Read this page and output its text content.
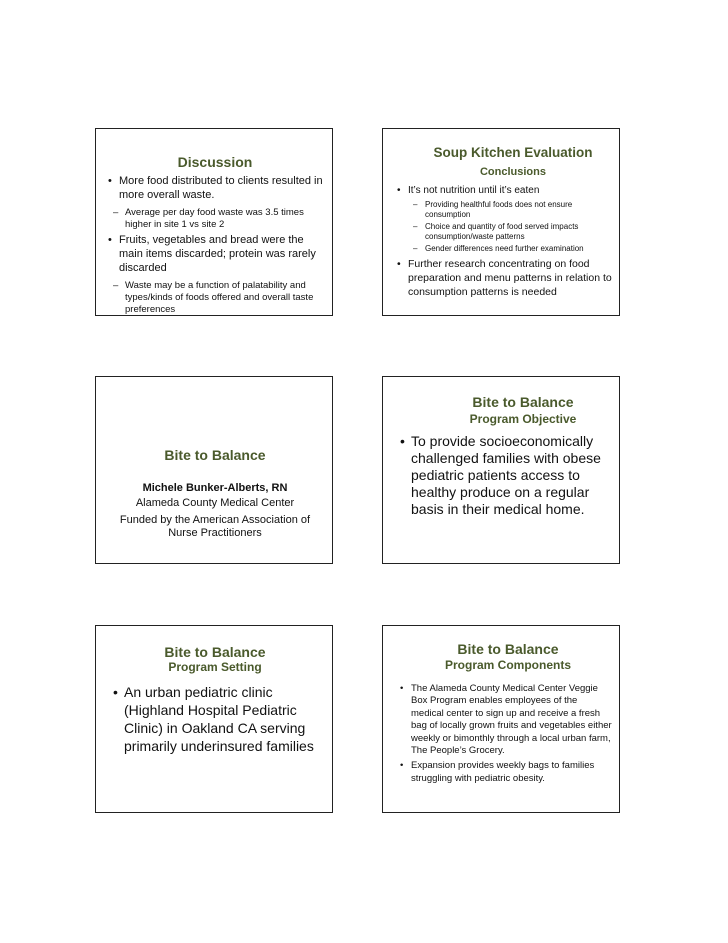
Discussion
• More food distributed to clients resulted in more overall waste.
– Average per day food waste was 3.5 times higher in site 1 vs site 2
• Fruits, vegetables and bread were the main items discarded; protein was rarely discarded
– Waste may be a function of palatability and types/kinds of foods offered and overall taste preferences
Soup Kitchen Evaluation
Conclusions
• It’s not nutrition until it’s eaten
– Providing healthful foods does not ensure consumption
– Choice and quantity of food served impacts consumption/waste patterns
– Gender differences need further examination
• Further research concentrating on food preparation and menu patterns in relation to consumption patterns is needed
Bite to Balance
Michele Bunker-Alberts, RN
Alameda County Medical Center
Funded by the American Association of Nurse Practitioners
Bite to Balance
Program Objective
• To provide socioeconomically challenged families with obese pediatric patients access to healthy produce on a regular basis in their medical home.
Bite to Balance
Program Setting
• An urban pediatric clinic (Highland Hospital Pediatric Clinic) in Oakland CA serving primarily underinsured families
Bite to Balance
Program Components
• The Alameda County Medical Center Veggie Box Program enables employees of the medical center to sign up and receive a fresh bag of locally grown fruits and vegetables either weekly or bimonthly through a local urban farm, The People’s Grocery.
• Expansion provides weekly bags to families struggling with pediatric obesity.
